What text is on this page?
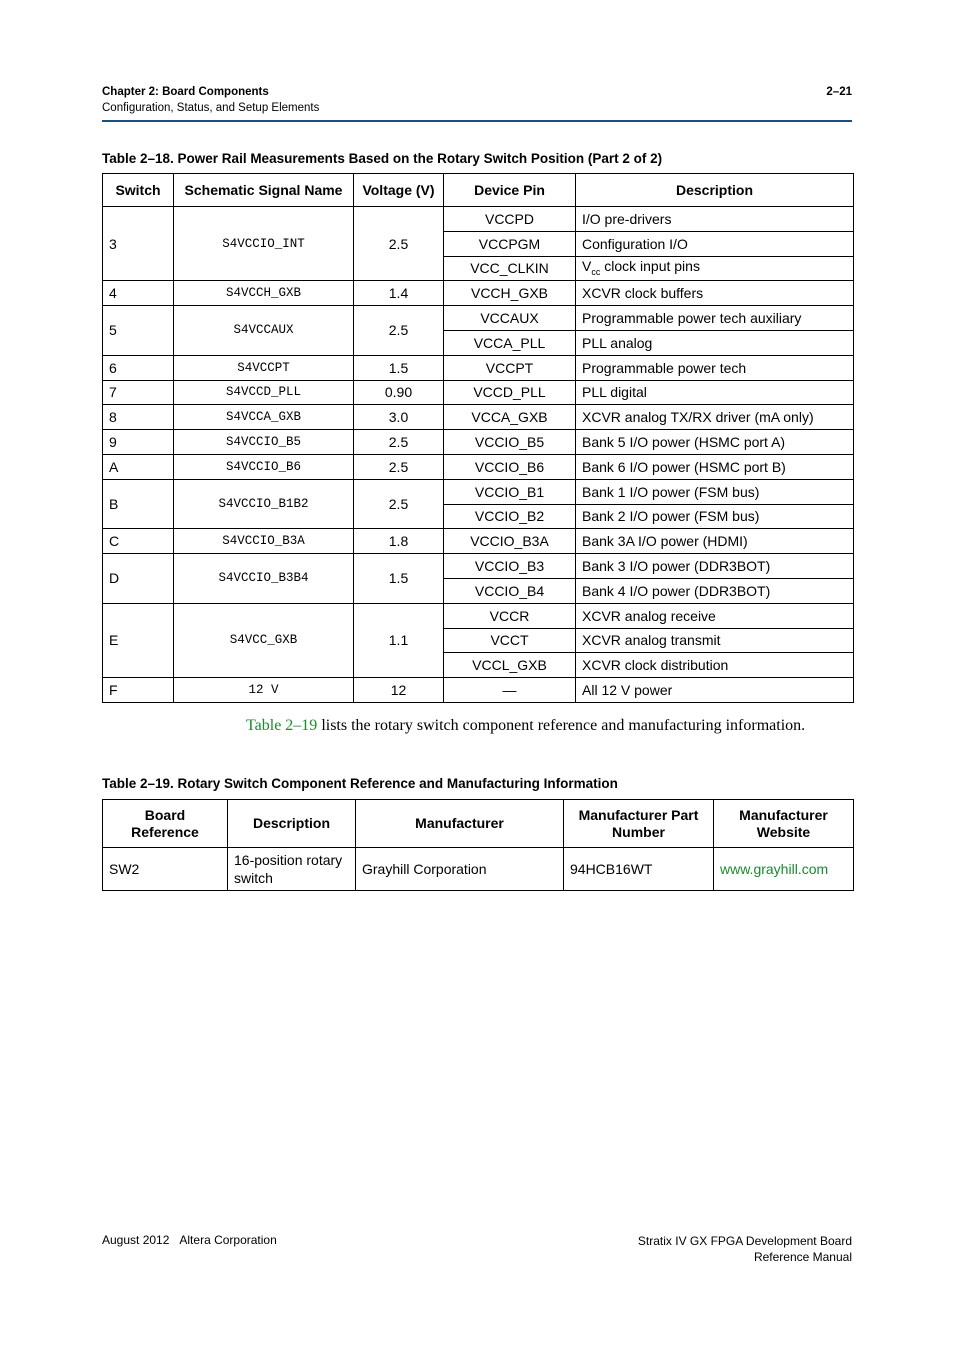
Chapter 2: Board Components
Configuration, Status, and Setup Elements
2–21
Table 2–18. Power Rail Measurements Based on the Rotary Switch Position (Part 2 of 2)
Switch	Schematic Signal Name	Voltage (V)	Device Pin	Description
3	S4VCCIO_INT	2.5	VCCPD	I/O pre-drivers
			VCCPGM	Configuration I/O
			VCC_CLKIN	$V_{cc}$ clock input pins
4	S4VCCH_GXB	1.4	VCCH_GXB	XCVR clock buffers
5	S4VCCAUX	2.5	VCCAUX	Programmable power tech auxiliary
			VCCA_PLL	PLL analog
6	S4VCCPT	1.5	VCCPT	Programmable power tech
7	S4VCCD_PLL	0.90	VCCD_PLL	PLL digital
8	S4VCCA_GXB	3.0	VCCA_GXB	XCVR analog TX/RX driver (mA only)
9	S4VCCIO_B5	2.5	VCCIO_B5	Bank 5 I/O power (HSMC port A)
A	S4VCCIO_B6	2.5	VCCIO_B6	Bank 6 I/O power (HSMC port B)
B	S4VCCIO_B1B2	2.5	VCCIO_B1	Bank 1 I/O power (FSM bus)
			VCCIO_B2	Bank 2 I/O power (FSM bus)
C	S4VCCIO_B3A	1.8	VCCIO_B3A	Bank 3A I/O power (HDMI)
D	S4VCCIO_B3B4	1.5	VCCIO_B3	Bank 3 I/O power (DDR3BOT)
			VCCIO_B4	Bank 4 I/O power (DDR3BOT)
E	S4VCC_GXB	1.1	VCCR	XCVR analog receive
			VCCT	XCVR analog transmit
			VCCL_GXB	XCVR clock distribution
F	12 V	12	—	All 12 V power
Table 2–19 lists the rotary switch component reference and manufacturing information.
Table 2–19. Rotary Switch Component Reference and Manufacturing Information
Board Reference	Description	Manufacturer	Manufacturer Part Number	Manufacturer Website
SW2	16-position rotary switch	Grayhill Corporation	94HCB16WT	www.grayhill.com
August 2012 Altera Corporation	Stratix IV GX FPGA Development Board
Reference Manual
